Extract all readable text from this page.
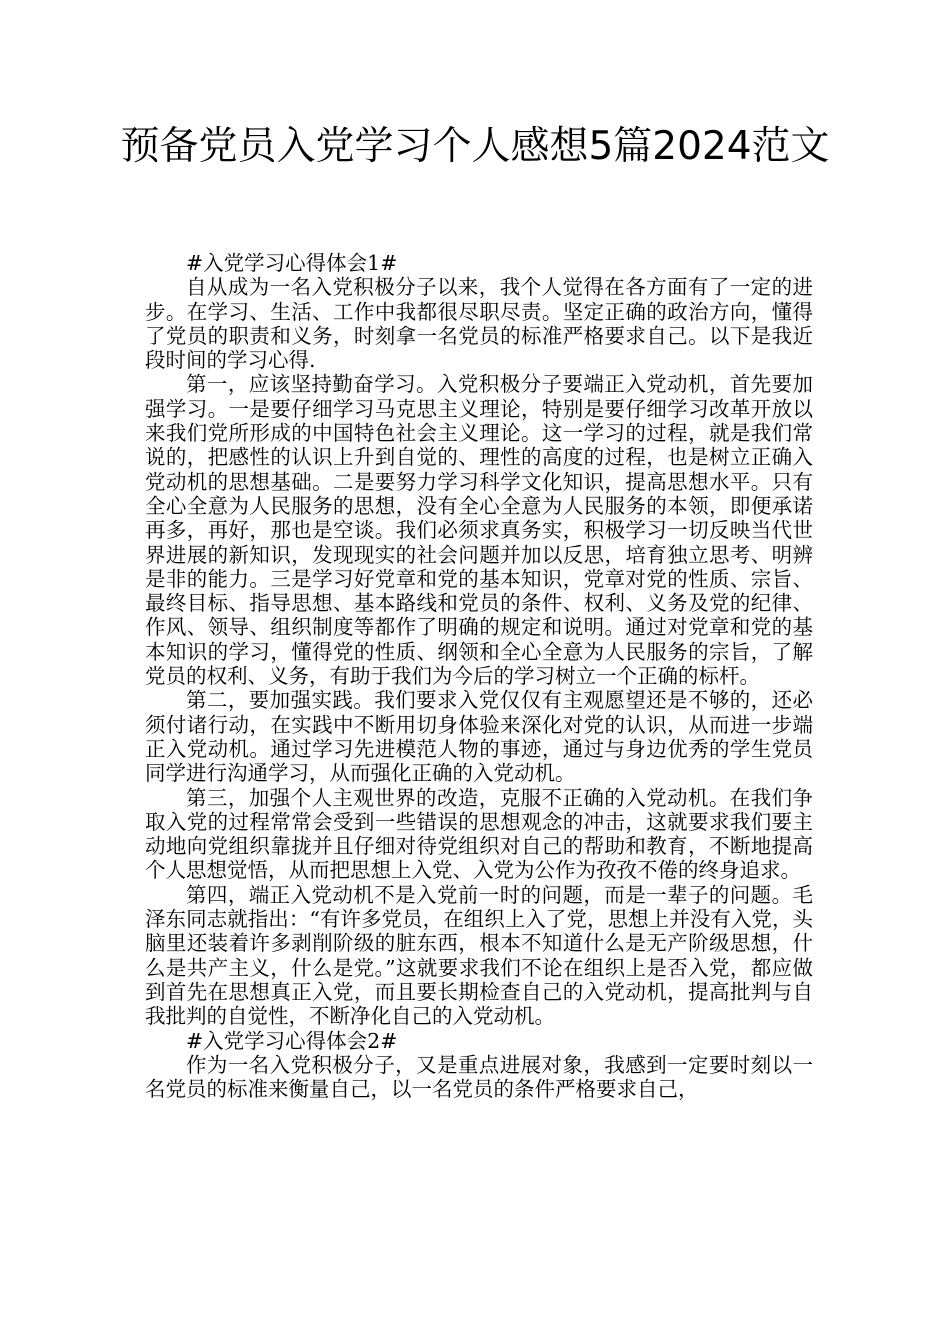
预备党员入党学习个人感想5篇2024范文

#入党学习心得体会1#

自从成为一名入党积极分子以来，我个人觉得在各方面有了一定的进步。在学习、生活、工作中我都很尽职尽责。坚定正确的政治方向，懂得了党员的职责和义务，时刻拿一名党员的标准严格要求自己。以下是我近段时间的学习心得.

第一，应该坚持勤奋学习。入党积极分子要端正入党动机，首先要加强学习。一是要仔细学习马克思主义理论，特别是要仔细学习改革开放以来我们党所形成的中国特色社会主义理论。这一学习的过程，就是我们常说的，把感性的认识上升到自觉的、理性的高度的过程，也是树立正确入党动机的思想基础。二是要努力学习科学文化知识，提高思想水平。只有全心全意为人民服务的思想，没有全心全意为人民服务的本领，即便承诺再多，再好，那也是空谈。我们必须求真务实，积极学习一切反映当代世界进展的新知识，发现现实的社会问题并加以反思，培育独立思考、明辨是非的能力。三是学习好党章和党的基本知识，党章对党的性质、宗旨、最终目标、指导思想、基本路线和党员的条件、权利、义务及党的纪律、作风、领导、组织制度等都作了明确的规定和说明。通过对党章和党的基本知识的学习，懂得党的性质、纲领和全心全意为人民服务的宗旨，了解党员的权利、义务，有助于我们为今后的学习树立一个正确的标杆。

第二，要加强实践。我们要求入党仅仅有主观愿望还是不够的，还必须付诸行动，在实践中不断用切身体验来深化对党的认识，从而进一步端正入党动机。通过学习先进模范人物的事迹，通过与身边优秀的学生党员同学进行沟通学习，从而强化正确的入党动机。

第三，加强个人主观世界的改造，克服不正确的入党动机。在我们争取入党的过程常常会受到一些错误的思想观念的冲击，这就要求我们要主动地向党组织靠拢并且仔细对待党组织对自己的帮助和教育，不断地提高个人思想觉悟，从而把思想上入党、入党为公作为孜孜不倦的终身追求。

第四，端正入党动机不是入党前一时的问题，而是一辈子的问题。毛泽东同志就指出：“有许多党员，在组织上入了党，思想上并没有入党，头脑里还装着许多剥削阶级的脏东西，根本不知道什么是无产阶级思想，什么是共产主义，什么是党。”这就要求我们不论在组织上是否入党，都应做到首先在思想真正入党，而且要长期检查自己的入党动机，提高批判与自我批判的自觉性，不断净化自己的入党动机。

#入党学习心得体会2#

作为一名入党积极分子，又是重点进展对象，我感到一定要时刻以一名党员的标准来衡量自己，以一名党员的条件严格要求自己，
